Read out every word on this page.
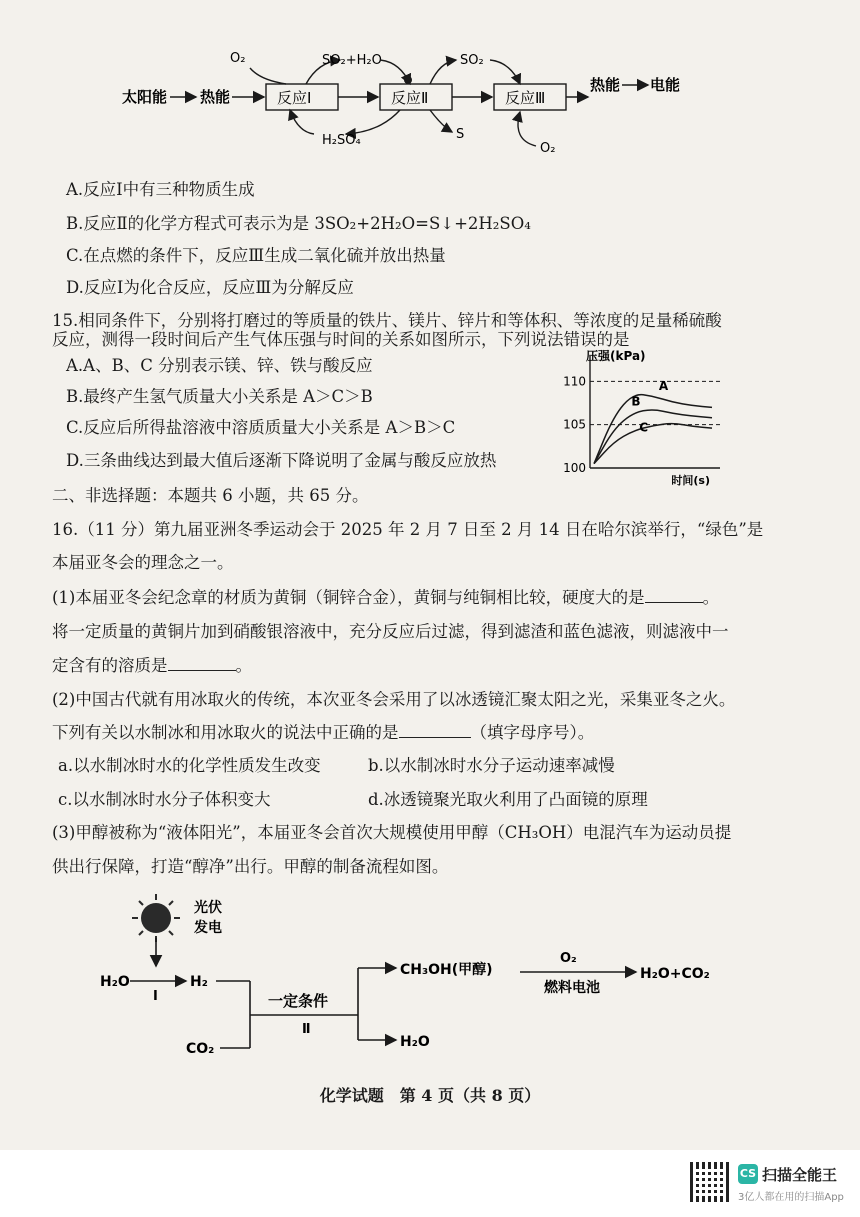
太阳能 热能	反应Ⅰ	反应Ⅱ	反应Ⅲ
热能 电能
O₂	SO₂+H₂O	SO₂
H₂SO₄	S
O₂
A.反应Ⅰ中有三种物质生成
B.反应Ⅱ的化学方程式可表示为是 3SO₂+2H₂O=S↓+2H₂SO₄
C.在点燃的条件下，反应Ⅲ生成二氧化硫并放出热量
D.反应Ⅰ为化合反应，反应Ⅲ为分解反应
15.相同条件下，分别将打磨过的等质量的铁片、镁片、锌片和等体积、等浓度的足量稀硫酸
反应，测得一段时间后产生气体压强与时间的关系如图所示，下列说法错误的是
A.A、B、C 分别表示镁、锌、铁与酸反应
B.最终产生氢气质量大小关系是 A＞C＞B
C.反应后所得盐溶液中溶质质量大小关系是 A＞B＞C
D.三条曲线达到最大值后逐渐下降说明了金属与酸反应放热
110
105
100
压强(kPa)
时间(s)
A
B
C
二、非选择题：本题共 6 小题，共 65 分。
16.（11 分）第九届亚洲冬季运动会于 2025 年 2 月 7 日至 2 月 14 日在哈尔滨举行，“绿色”是
本届亚冬会的理念之一。
(1)本届亚冬会纪念章的材质为黄铜（铜锌合金），黄铜与纯铜相比较，硬度大的是	。
将一定质量的黄铜片加到硝酸银溶液中，充分反应后过滤，得到滤渣和蓝色滤液，则滤液中一
定含有的溶质是	。
(2)中国古代就有用冰取火的传统，本次亚冬会采用了以冰透镜汇聚太阳之光，采集亚冬之火。
下列有关以水制冰和用冰取火的说法中正确的是	（填字母序号）。
a.以水制冰时水的化学性质发生改变	b.以水制冰时水分子运动速率减慢
c.以水制冰时水分子体积变大	d.冰透镜聚光取火利用了凸面镜的原理
(3)甲醇被称为“液体阳光”，本届亚冬会首次大规模使用甲醇（CH₃OH）电混汽车为运动员提
供出行保障，打造“醇净”出行。甲醇的制备流程如图。
光伏
发电
H₂O
Ⅰ
H₂
CO₂
一定条件
Ⅱ
CH₃OH(甲醇)
H₂O
O₂
燃料电池
H₂O+CO₂
化学试题　第 4 页（共 8 页）
CS 扫描全能王
3亿人都在用的扫描App
